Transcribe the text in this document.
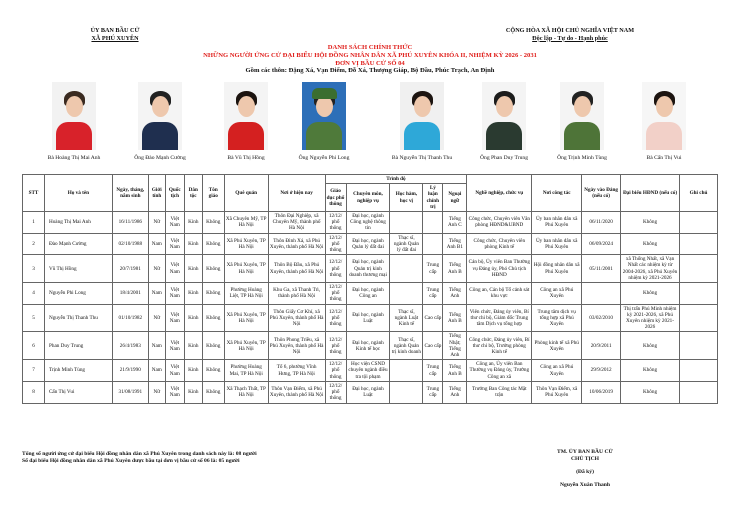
ỦY BAN BẦU CỬ
XÃ PHÚ XUYÊN
CỘNG HÒA XÃ HỘI CHỦ NGHĨA VIỆT NAM
Độc lập - Tự do - Hạnh phúc
DANH SÁCH CHÍNH THỨC
NHỮNG NGƯỜI ỨNG CỬ ĐẠI BIỂU HỘI ĐỒNG NHÂN DÂN XÃ PHÚ XUYÊN KHÓA II, NHIỆM KỲ 2026 - 2031
ĐƠN VỊ BẦU CỬ SỐ 04
Gồm các thôn: Đặng Xá, Vạn Điểm, Đỗ Xá, Thượng Giáp, Bộ Đầu, Phúc Trạch, An Định
Bà Hoàng Thị Mai Anh	Ông Đào Mạnh Cường	Bà Vũ Thị Hồng	Ông Nguyễn Phi Long	Bà Nguyễn Thị Thanh Thu	Ông Phan Duy Trung	Ông Trịnh Minh Tùng	Bà Cấn Thị Vui
STT	Họ và tên	Ngày, tháng, năm sinh	Giới tính	Quốc tịch	Dân tộc	Tôn giáo	Quê quán	Nơi ở hiện nay	Trình độ					Nghề nghiệp, chức vụ	Nơi công tác	Ngày vào Đảng (nếu có)	Đại biểu HĐND (nếu có)	Ghi chú
									Giáo dục phổ thông	Chuyên môn, nghiệp vụ	Học hàm, học vị	Lý luận chính trị	Ngoại ngữ					
1	Hoàng Thị Mai Anh	16/11/1986	Nữ	Việt Nam	Kinh	Không	Xã Chuyên Mỹ, TP Hà Nội	Thôn Đại Nghiệp, xã Chuyên Mỹ, thành phố Hà Nội	12/12/ phổ thông	Đại học, ngành Công nghệ thông tin			Tiếng Anh C	Công chức, Chuyên viên Văn phòng HĐND&UBND	Ủy ban nhân dân xã Phú Xuyên	06/11/2020	Không	
2	Đào Mạnh Cường	02/10/1988	Nam	Việt Nam	Kinh	Không	Xã Phú Xuyên, TP Hà Nội	Thôn Đình Xá, xã Phú Xuyên, thành phố Hà Nội	12/12/ phổ thông	Đại học, ngành Quản lý đất đai	Thạc sĩ, ngành Quản lý đất đai		Tiếng Anh B1	Công chức, Chuyên viên phòng Kinh tế	Ủy ban nhân dân xã Phú Xuyên	06/09/2024	Không	
3	Vũ Thị Hồng	20/7/1981	Nữ	Việt Nam	Kinh	Không	Xã Phú Xuyên, TP Hà Nội	Thôn Bộ Đầu, xã Phú Xuyên, thành phố Hà Nội	12/12/ phổ thông	Đại học, ngành Quản trị kinh doanh thương mại		Trung cấp	Tiếng Anh B	Cán bộ, Ủy viên Ban Thường vụ Đảng ủy, Phó Chủ tịch HĐND	Hội đồng nhân dân xã Phú Xuyên	05/11/2001	xã Thống Nhất, xã Vạn Nhất các nhiệm kỳ từ 2004-2026, xã Phú Xuyên nhiệm kỳ 2021-2026	
4	Nguyễn Phi Long	18/4/2001	Nam	Việt Nam	Kinh	Không	Phường Hoàng Liệt, TP Hà Nội	Khu Ga, xã Thanh Trì, thành phố Hà Nội	12/12/ phổ thông	Đại học, ngành Công an		Trung cấp	Tiếng Anh	Công an, Cán bộ Tổ cảnh sát khu vực	Công an xã Phú Xuyên		Không	
5	Nguyễn Thị Thanh Thu	01/10/1982	Nữ	Việt Nam	Kinh	Không	Xã Phú Xuyên, TP Hà Nội	Thôn Giấy Cơ Khí, xã Phú Xuyên, thành phố Hà Nội	12/12/ phổ thông	Đại học, ngành Luật	Thạc sĩ, ngành Luật Kinh tế	Cao cấp	Tiếng Anh B	Viên chức, Đảng ủy viên, Bí thư chi bộ, Giám đốc Trung tâm Dịch vụ tổng hợp	Trung tâm dịch vụ tổng hợp xã Phú Xuyên	03/02/2010	Thị trấn Phú Minh nhiệm kỳ 2021-2026, xã Phú Xuyên nhiệm kỳ 2021-2026	
6	Phan Duy Trung	26/4/1983	Nam	Việt Nam	Kinh	Không	Xã Phú Xuyên, TP Hà Nội	Thôn Phong Triều, xã Phú Xuyên, thành phố Hà Nội	12/12/ phổ thông	Đại học, ngành Kinh tế học	Thạc sĩ, ngành Quản trị kinh doanh	Cao cấp	Tiếng Nhật; Tiếng Anh	Công chức, Đảng ủy viên, Bí thư chi bộ, Trưởng phòng Kinh tế	Phòng kinh tế xã Phú Xuyên	20/9/2011	Không	
7	Trịnh Minh Tùng	21/9/1990	Nam	Việt Nam	Kinh	Không	Phường Hoàng Mai, TP Hà Nội	Tổ 6, phường Vĩnh Hưng, TP Hà Nội	12/12/ phổ thông	Học viện CSND chuyên ngành điều tra tội phạm		Trung cấp	Tiếng Anh B	Công an, Ủy viên Ban Thường vụ Đảng ủy, Trưởng Công an xã	Công an xã Phú Xuyên	29/9/2012	Không	
8	Cấn Thị Vui	31/08/1991	Nữ	Việt Nam	Kinh	Không	Xã Thạch Thất, TP Hà Nội	Thôn Vạn Điểm, xã Phú Xuyên, thành phố Hà Nội	12/12/ phổ thông	Đại học, ngành Luật		Trung cấp	Tiếng Anh	Trưởng Ban Công tác Mặt trận	Thôn Vạn Điểm, xã Phú Xuyên	10/06/2019	Không	
Tổng số người ứng cử đại biểu Hội đồng nhân dân xã Phú Xuyên trong danh sách này là: 08 người
Số đại biểu Hội đồng nhân dân xã Phú Xuyên được bầu tại đơn vị bầu cử số 06 là: 05 người
TM. ỦY BAN BẦU CỬ
CHỦ TỊCH
(Đã ký)
Nguyễn Xuân Thanh
